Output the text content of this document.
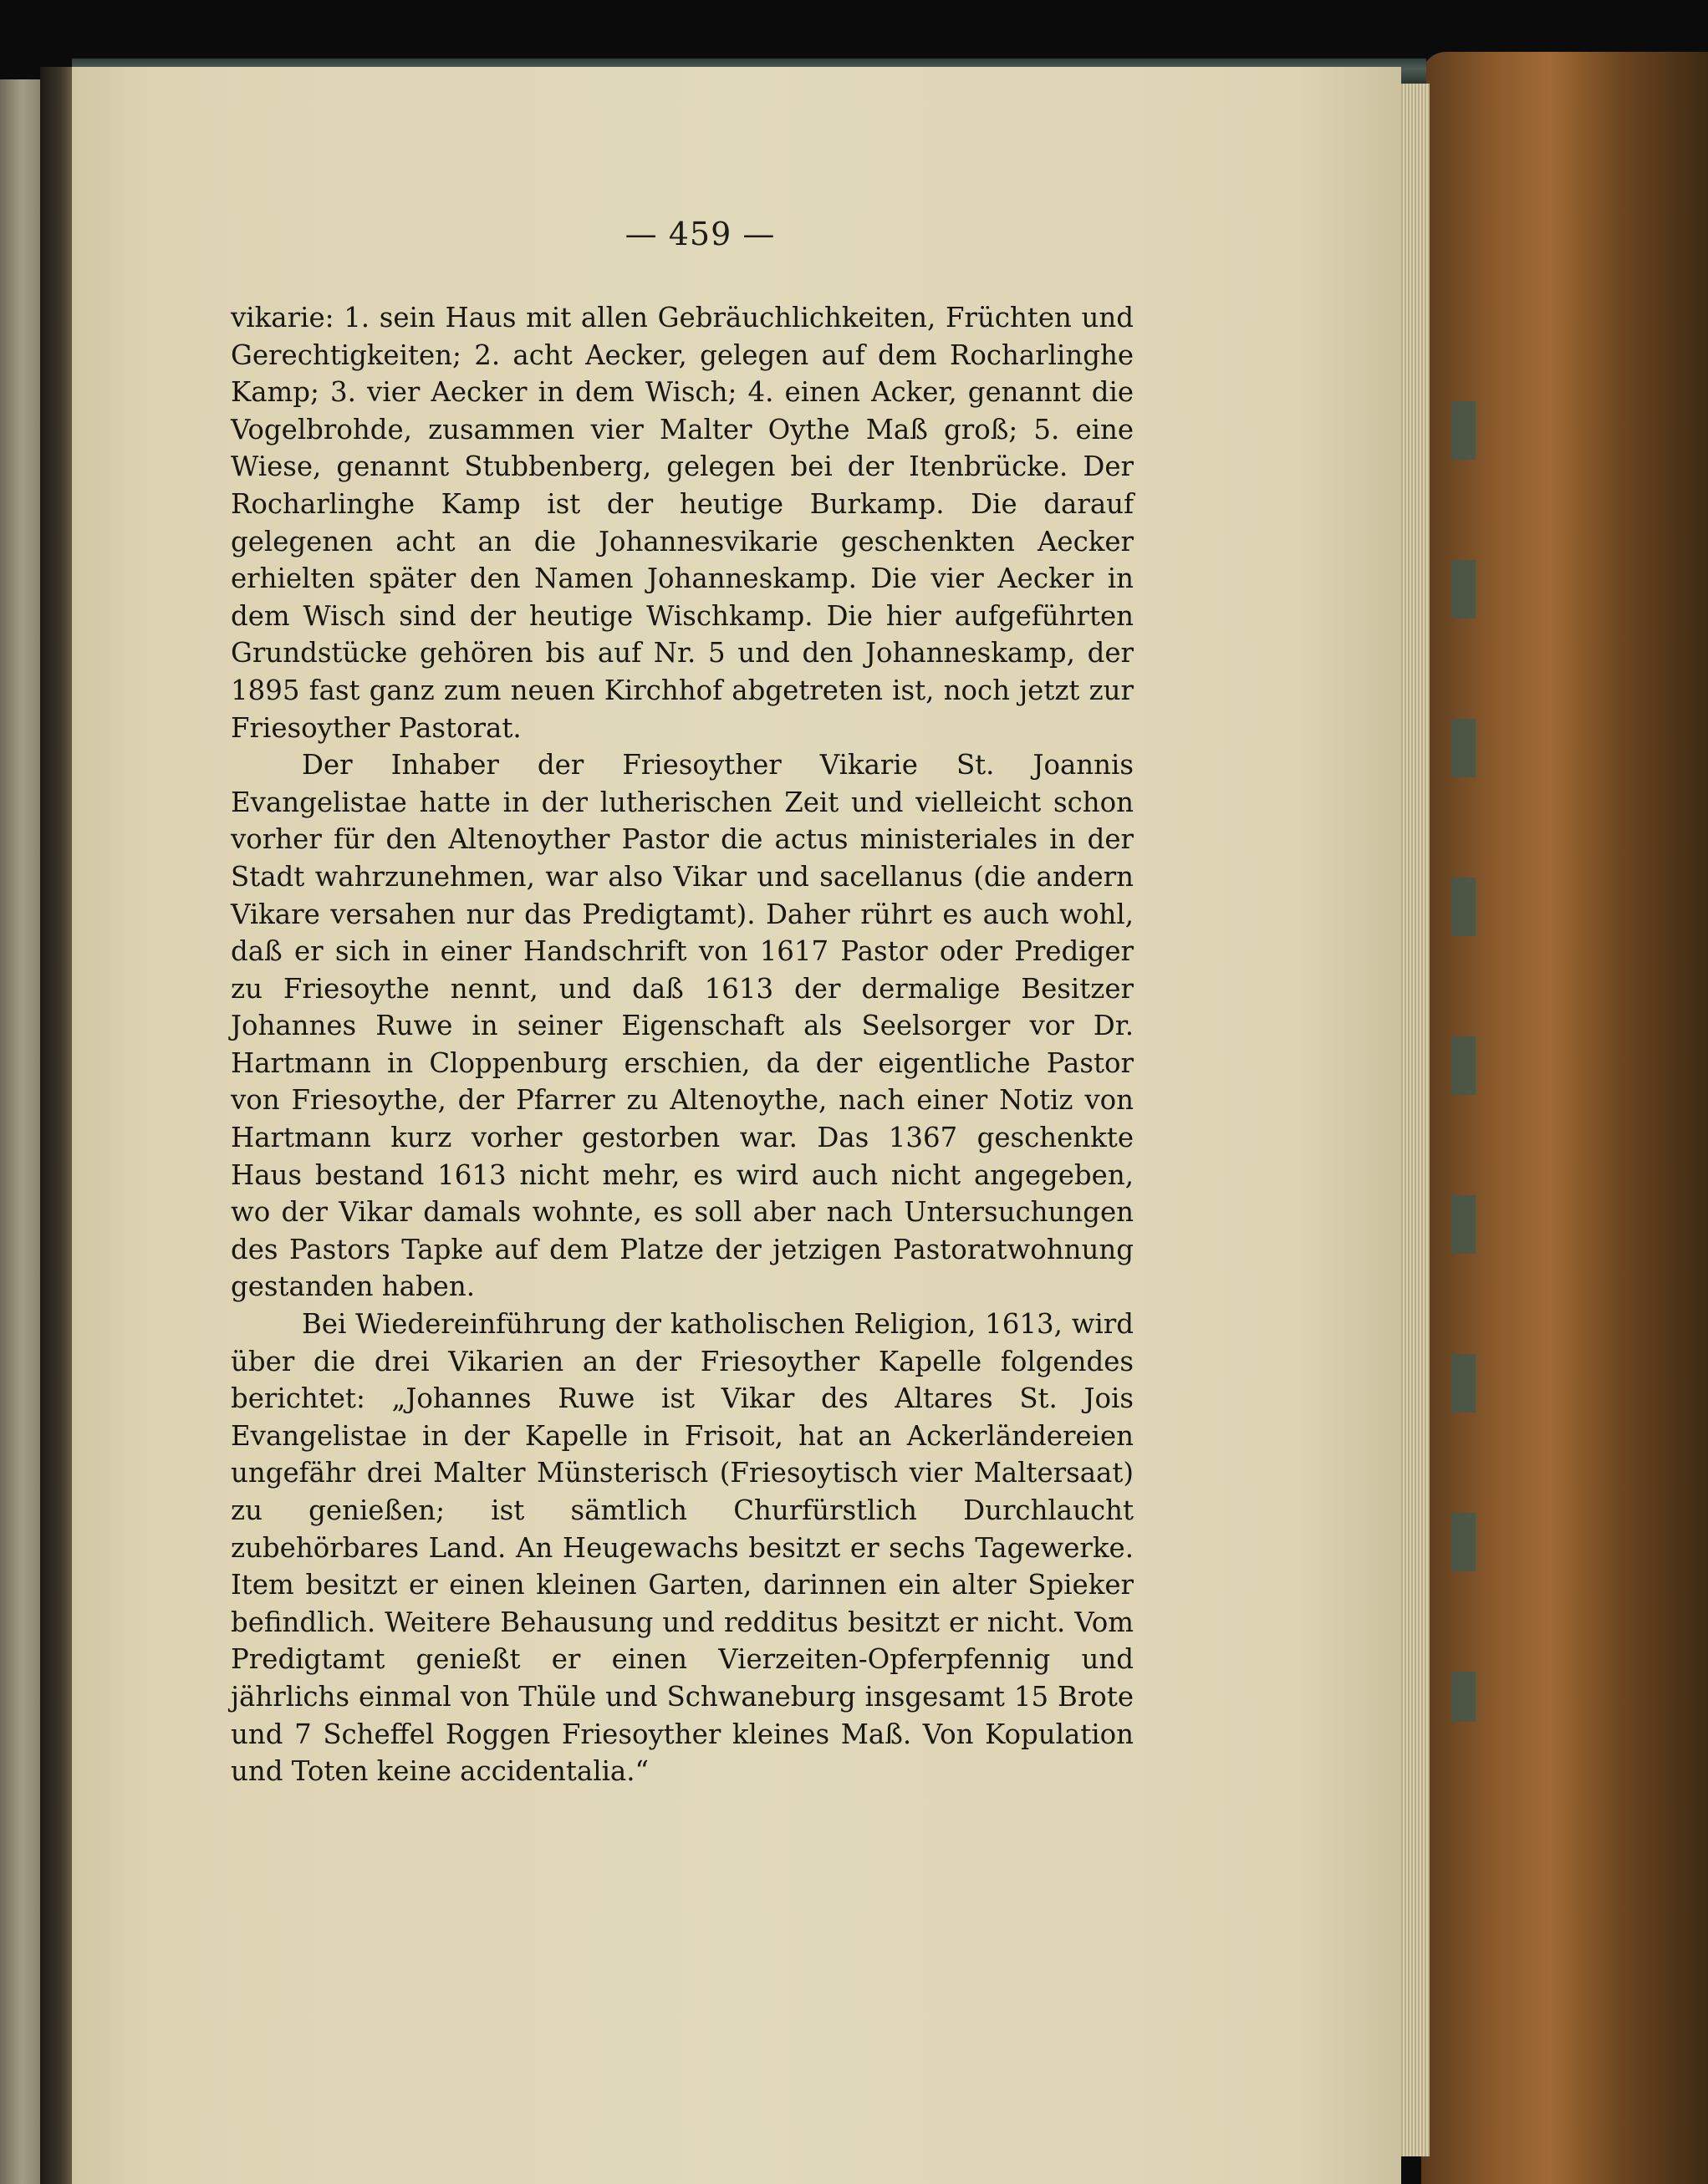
— 459 —

vikarie: 1. sein Haus mit allen Gebräuchlichkeiten, Früchten und Gerechtigkeiten; 2. acht Aecker, gelegen auf dem Rocharlinghe Kamp; 3. vier Aecker in dem Wisch; 4. einen Acker, genannt die Vogelbrohde, zusammen vier Malter Oythe Maß groß; 5. eine Wiese, genannt Stubbenberg, gelegen bei der Itenbrücke. Der Rocharlinghe Kamp ist der heutige Burkamp. Die darauf gelegenen acht an die Johannesvikarie geschenkten Aecker erhielten später den Namen Johanneskamp. Die vier Aecker in dem Wisch sind der heutige Wischkamp. Die hier aufgeführten Grundstücke gehören bis auf Nr. 5 und den Johanneskamp, der 1895 fast ganz zum neuen Kirchhof abgetreten ist, noch jetzt zur Friesoyther Pastorat.

Der Inhaber der Friesoyther Vikarie St. Joannis Evangelistae hatte in der lutherischen Zeit und vielleicht schon vorher für den Altenoyther Pastor die actus ministeriales in der Stadt wahrzunehmen, war also Vikar und sacellanus (die andern Vikare versahen nur das Predigtamt). Daher rührt es auch wohl, daß er sich in einer Handschrift von 1617 Pastor oder Prediger zu Friesoythe nennt, und daß 1613 der dermalige Besitzer Johannes Ruwe in seiner Eigenschaft als Seelsorger vor Dr. Hartmann in Cloppenburg erschien, da der eigentliche Pastor von Friesoythe, der Pfarrer zu Altenoythe, nach einer Notiz von Hartmann kurz vorher gestorben war. Das 1367 geschenkte Haus bestand 1613 nicht mehr, es wird auch nicht angegeben, wo der Vikar damals wohnte, es soll aber nach Untersuchungen des Pastors Tapke auf dem Platze der jetzigen Pastoratwohnung gestanden haben.

Bei Wiedereinführung der katholischen Religion, 1613, wird über die drei Vikarien an der Friesoyther Kapelle folgendes berichtet: „Johannes Ruwe ist Vikar des Altares St. Jois Evangelistae in der Kapelle in Frisoit, hat an Ackerländereien ungefähr drei Malter Münsterisch (Friesoytisch vier Maltersaat) zu genießen; ist sämtlich Churfürstlich Durchlaucht zubehörbares Land. An Heugewachs besitzt er sechs Tagewerke. Item besitzt er einen kleinen Garten, darinnen ein alter Spieker befindlich. Weitere Behausung und redditus besitzt er nicht. Vom Predigtamt genießt er einen Vierzeiten-Opferpfennig und jährlichs einmal von Thüle und Schwaneburg insgesamt 15 Brote und 7 Scheffel Roggen Friesoyther kleines Maß. Von Kopulation und Toten keine accidentalia.“
